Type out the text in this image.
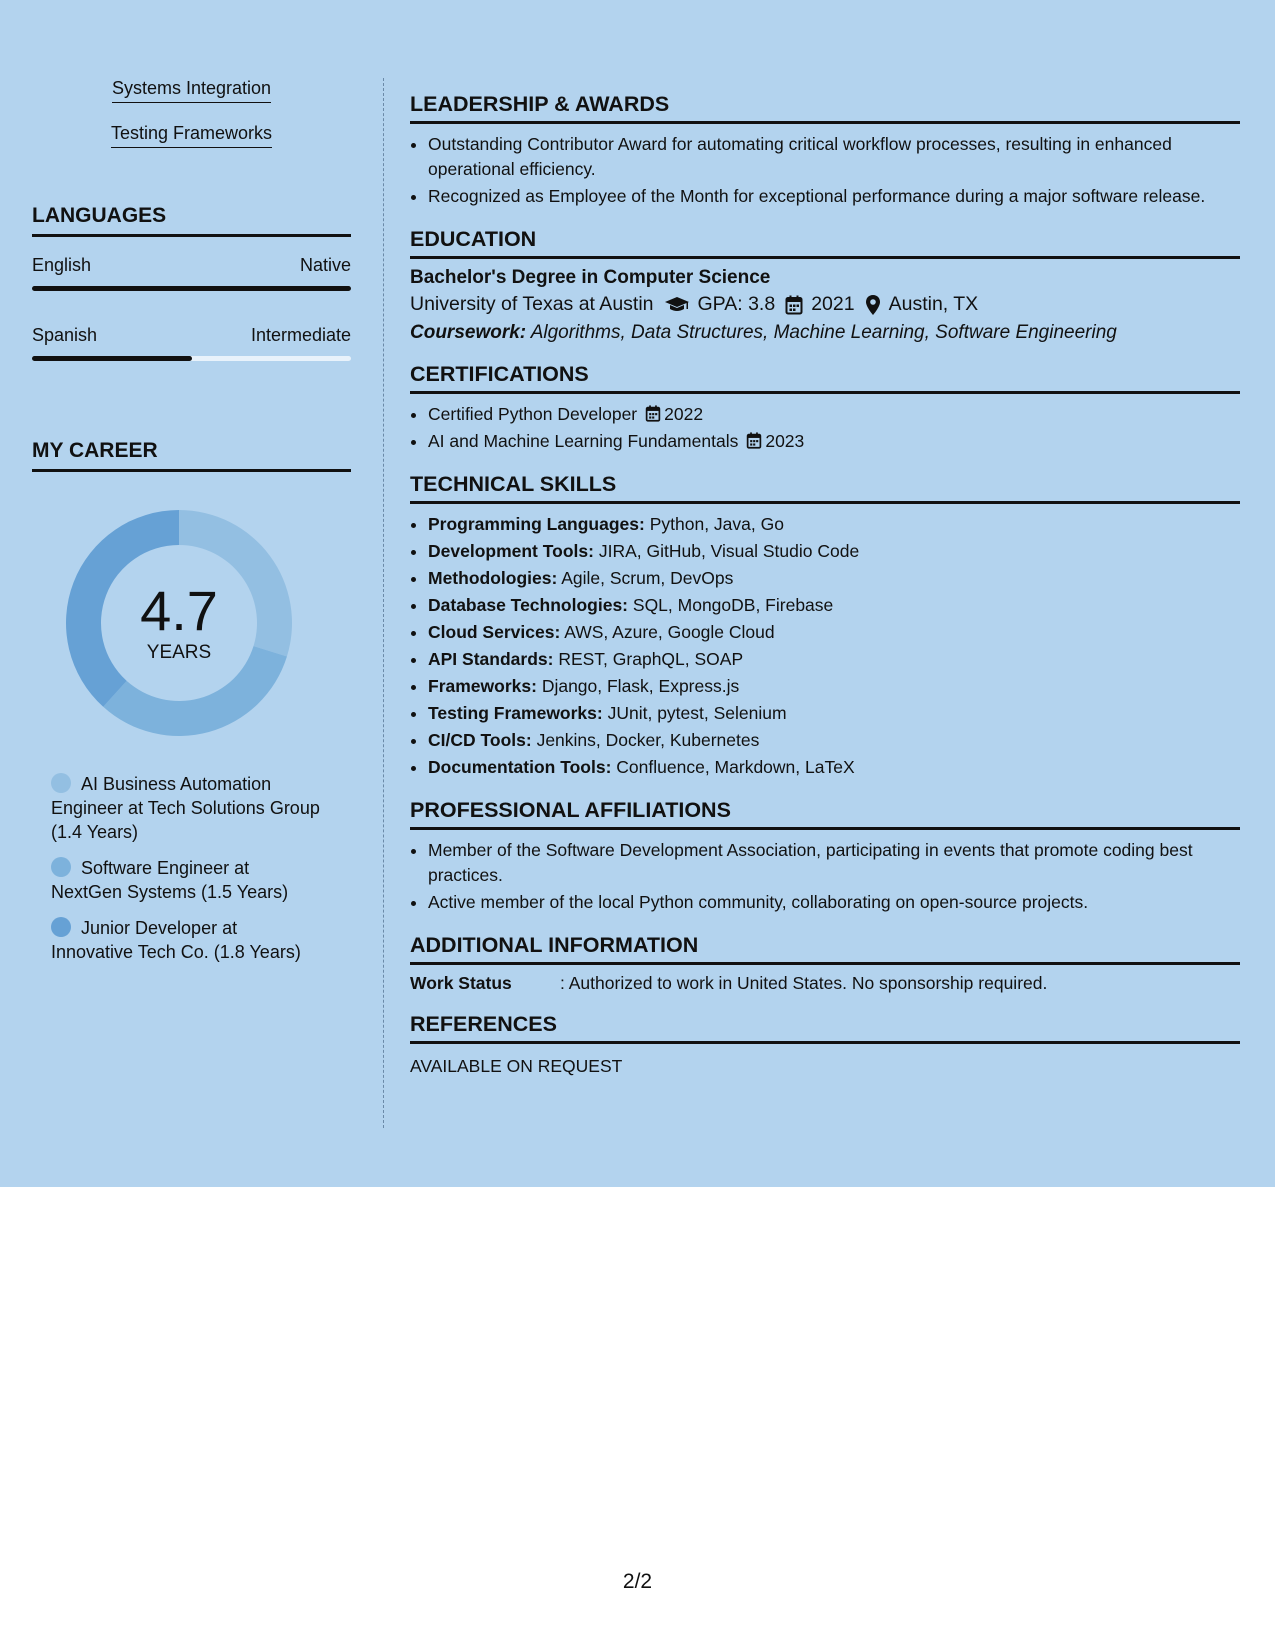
Systems Integration
Testing Frameworks
LANGUAGES
English	Native
Spanish	Intermediate
MY CAREER
4.7
YEARS
AI Business Automation Engineer at Tech Solutions Group (1.4 Years)
Software Engineer at NextGen Systems (1.5 Years)
Junior Developer at Innovative Tech Co. (1.8 Years)
LEADERSHIP & AWARDS
• Outstanding Contributor Award for automating critical workflow processes, resulting in enhanced operational efficiency.
• Recognized as Employee of the Month for exceptional performance during a major software release.
EDUCATION
Bachelor's Degree in Computer Science
University of Texas at Austin GPA: 3.8 2021 Austin, TX
Coursework: Algorithms, Data Structures, Machine Learning, Software Engineering
CERTIFICATIONS
• Certified Python Developer 2022
• AI and Machine Learning Fundamentals 2023
TECHNICAL SKILLS
• Programming Languages: Python, Java, Go
• Development Tools: JIRA, GitHub, Visual Studio Code
• Methodologies: Agile, Scrum, DevOps
• Database Technologies: SQL, MongoDB, Firebase
• Cloud Services: AWS, Azure, Google Cloud
• API Standards: REST, GraphQL, SOAP
• Frameworks: Django, Flask, Express.js
• Testing Frameworks: JUnit, pytest, Selenium
• CI/CD Tools: Jenkins, Docker, Kubernetes
• Documentation Tools: Confluence, Markdown, LaTeX
PROFESSIONAL AFFILIATIONS
• Member of the Software Development Association, participating in events that promote coding best practices.
• Active member of the local Python community, collaborating on open-source projects.
ADDITIONAL INFORMATION
Work Status	: Authorized to work in United States. No sponsorship required.
REFERENCES
AVAILABLE ON REQUEST
2/2
